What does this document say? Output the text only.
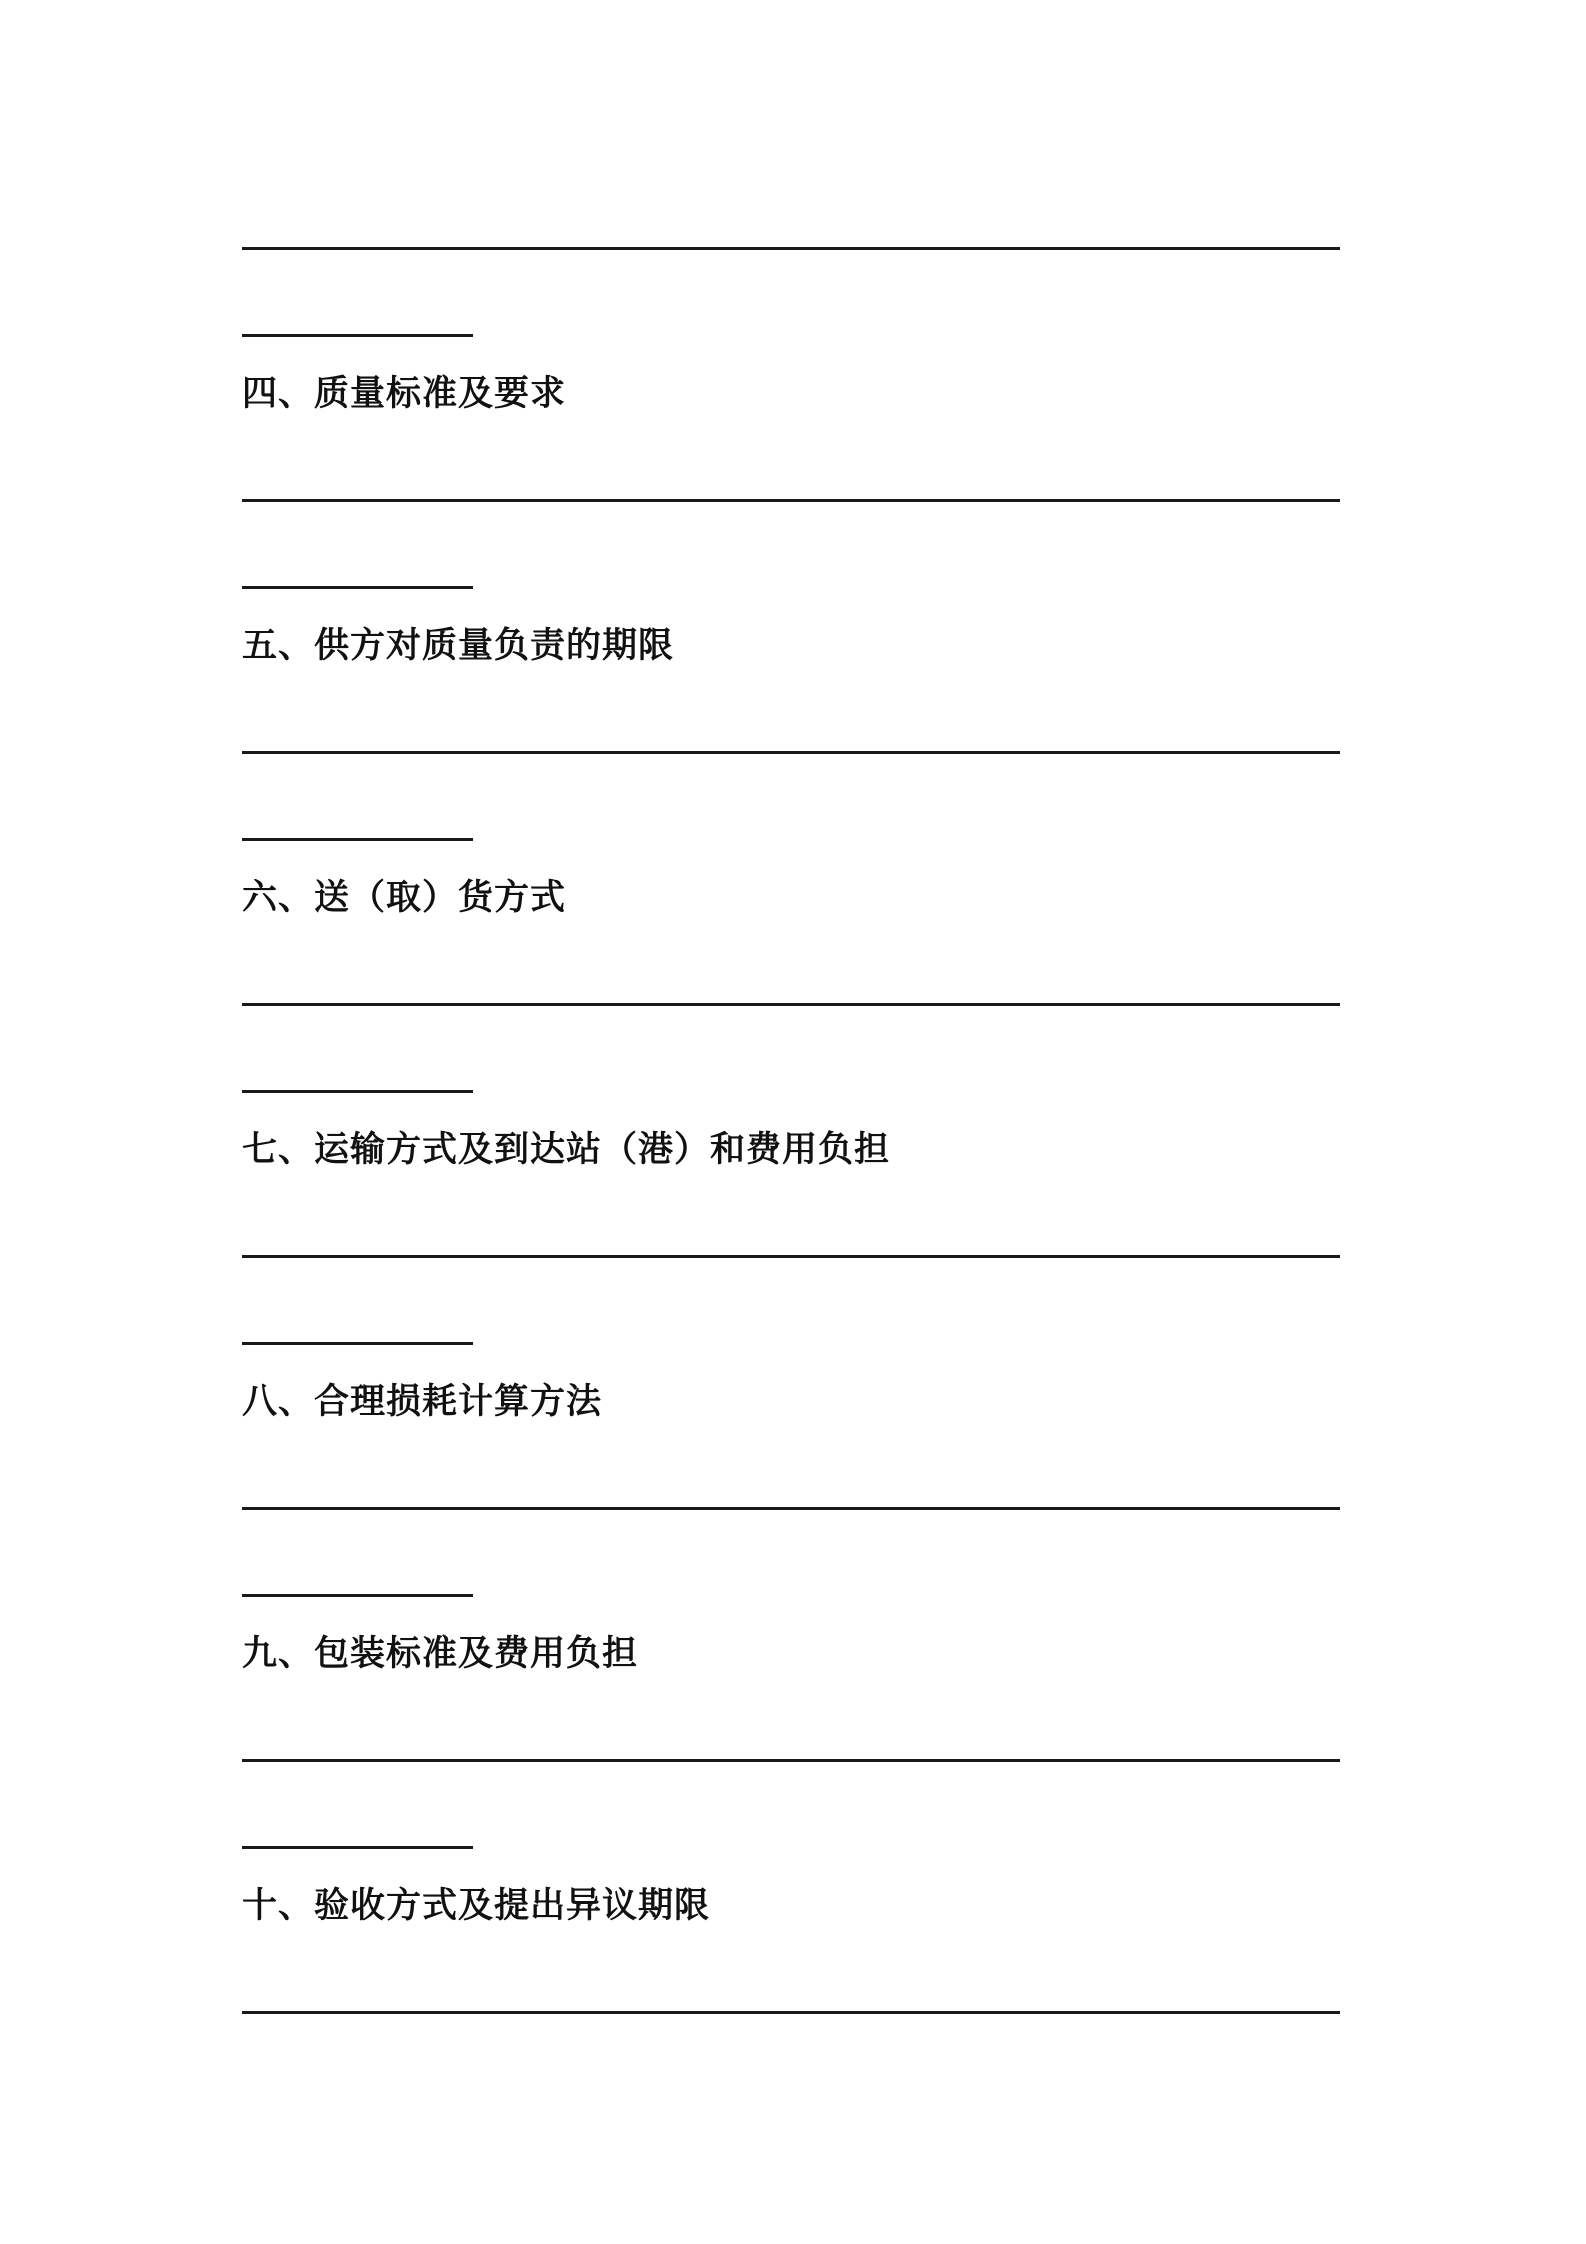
四、质量标准及要求
五、供方对质量负责的期限
六、送（取）货方式
七、运输方式及到达站（港）和费用负担
八、合理损耗计算方法
九、包装标准及费用负担
十、验收方式及提出异议期限
